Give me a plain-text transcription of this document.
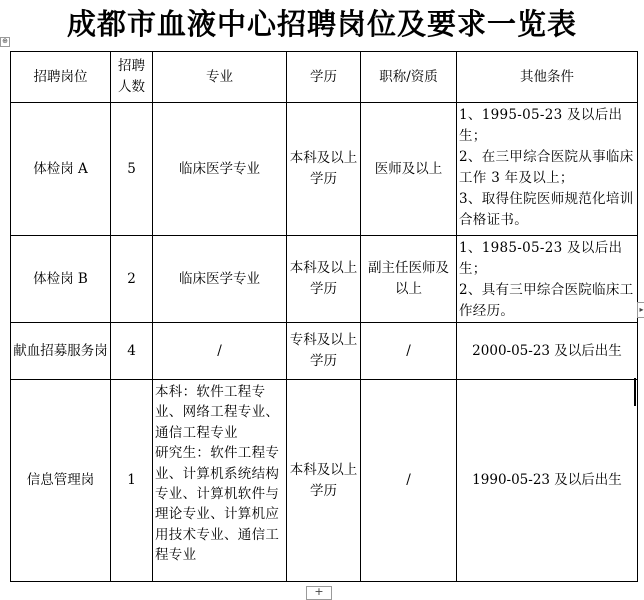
成都市血液中心招聘岗位及要求一览表
⊕
招聘岗位	招聘人数	专业	学历	职称/资质	其他条件
体检岗 A	5	临床医学专业	本科及以上学历	医师及以上	1、1995-05-23 及以后出生；
2、在三甲综合医院从事临床工作 3 年及以上；
3、取得住院医师规范化培训合格证书。
体检岗 B	2	临床医学专业	本科及以上学历	副主任医师及以上	1、1985-05-23 及以后出生；
2、具有三甲综合医院临床工作经历。
献血招募服务岗	4	/	专科及以上学历	/	2000-05-23 及以后出生
信息管理岗	1	本科：软件工程专业、网络工程专业、通信工程专业
研究生：软件工程专业、计算机系统结构专业、计算机软件与理论专业、计算机应用技术专业、通信工程专业	本科及以上学历	/	1990-05-23 及以后出生
+
▸
